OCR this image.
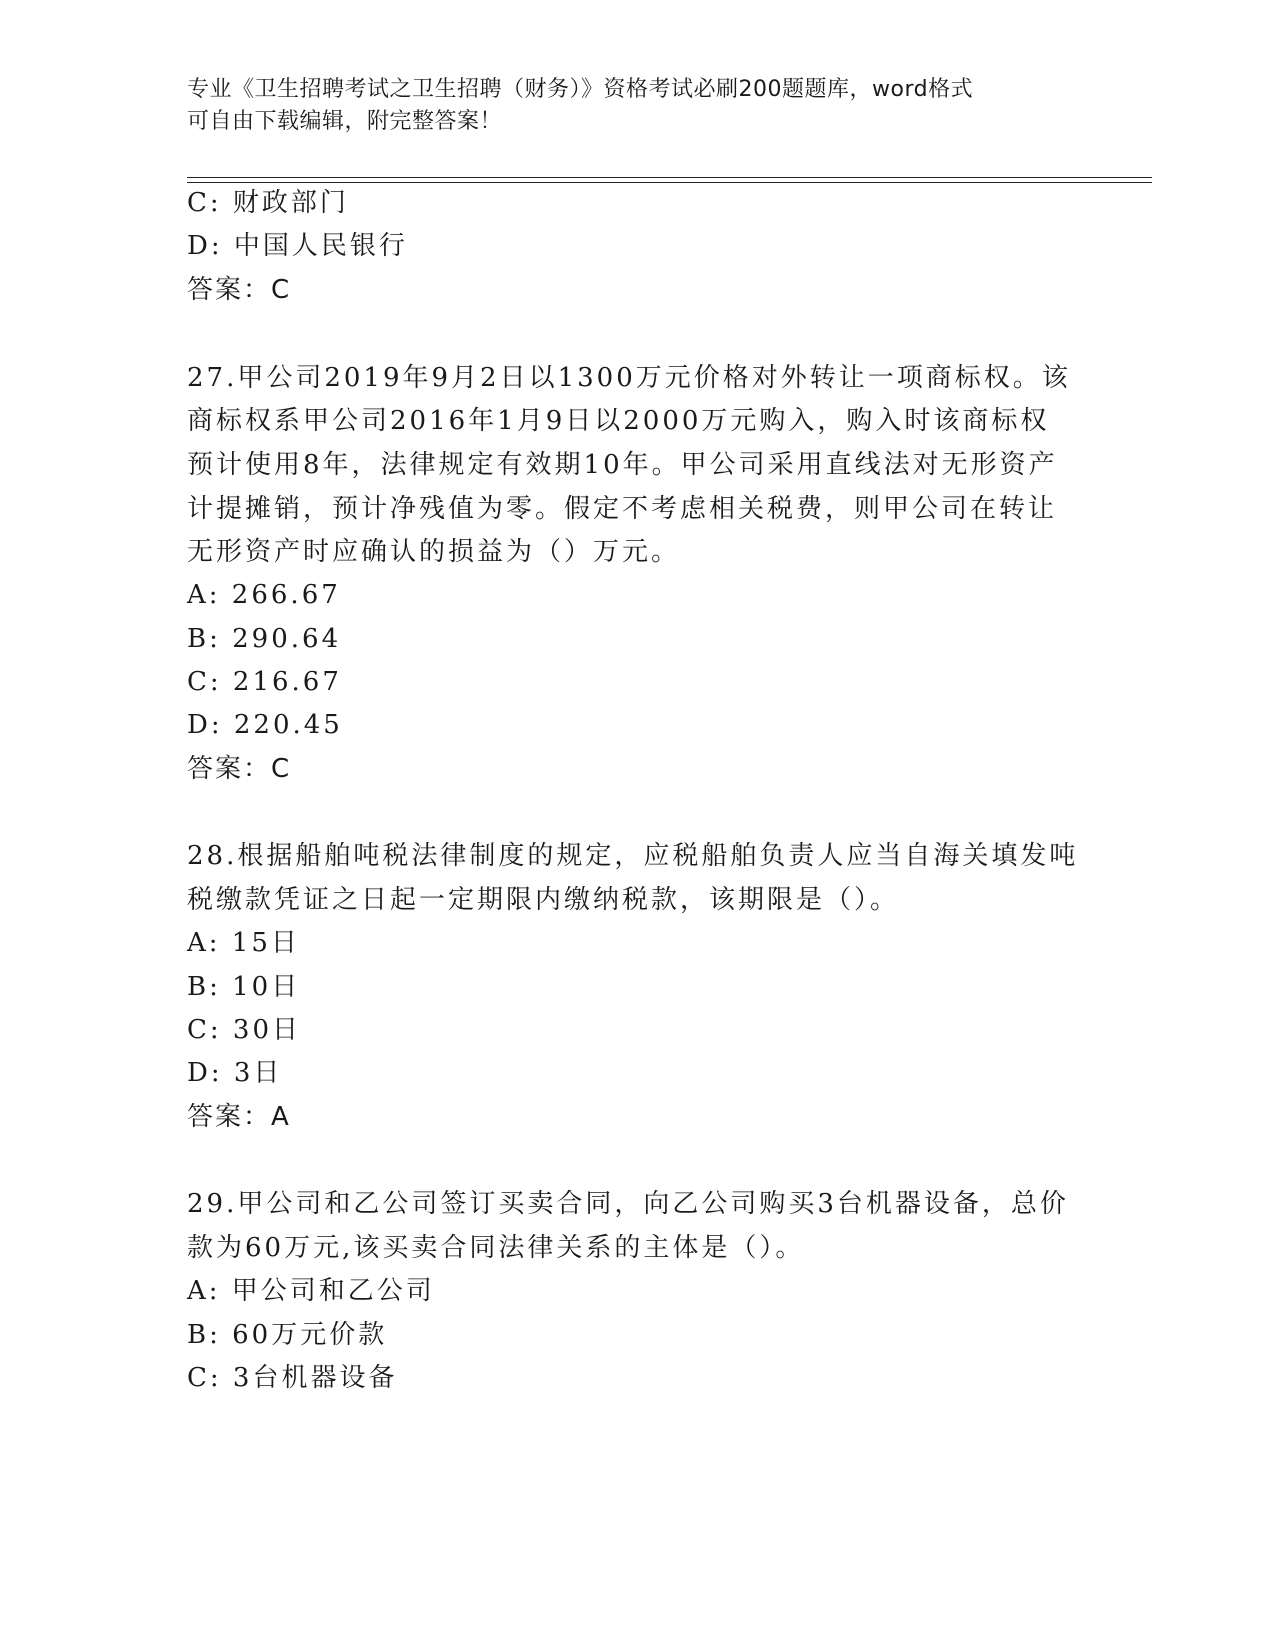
专业《卫生招聘考试之卫生招聘（财务）》资格考试必刷200题题库，word格式
可自由下载编辑，附完整答案！
C: 财政部门
D: 中国人民银行
答案：C
27.甲公司2019年9月2日以1300万元价格对外转让一项商标权。该
商标权系甲公司2016年1月9日以2000万元购入，购入时该商标权
预计使用8年，法律规定有效期10年。甲公司采用直线法对无形资产
计提摊销，预计净残值为零。假定不考虑相关税费，则甲公司在转让
无形资产时应确认的损益为（）万元。
A: 266.67
B: 290.64
C: 216.67
D: 220.45
答案：C
28.根据船舶吨税法律制度的规定，应税船舶负责人应当自海关填发吨
税缴款凭证之日起一定期限内缴纳税款，该期限是（）。
A: 15日
B: 10日
C: 30日
D: 3日
答案：A
29.甲公司和乙公司签订买卖合同，向乙公司购买3台机器设备，总价
款为60万元,该买卖合同法律关系的主体是（）。
A: 甲公司和乙公司
B: 60万元价款
C: 3台机器设备
